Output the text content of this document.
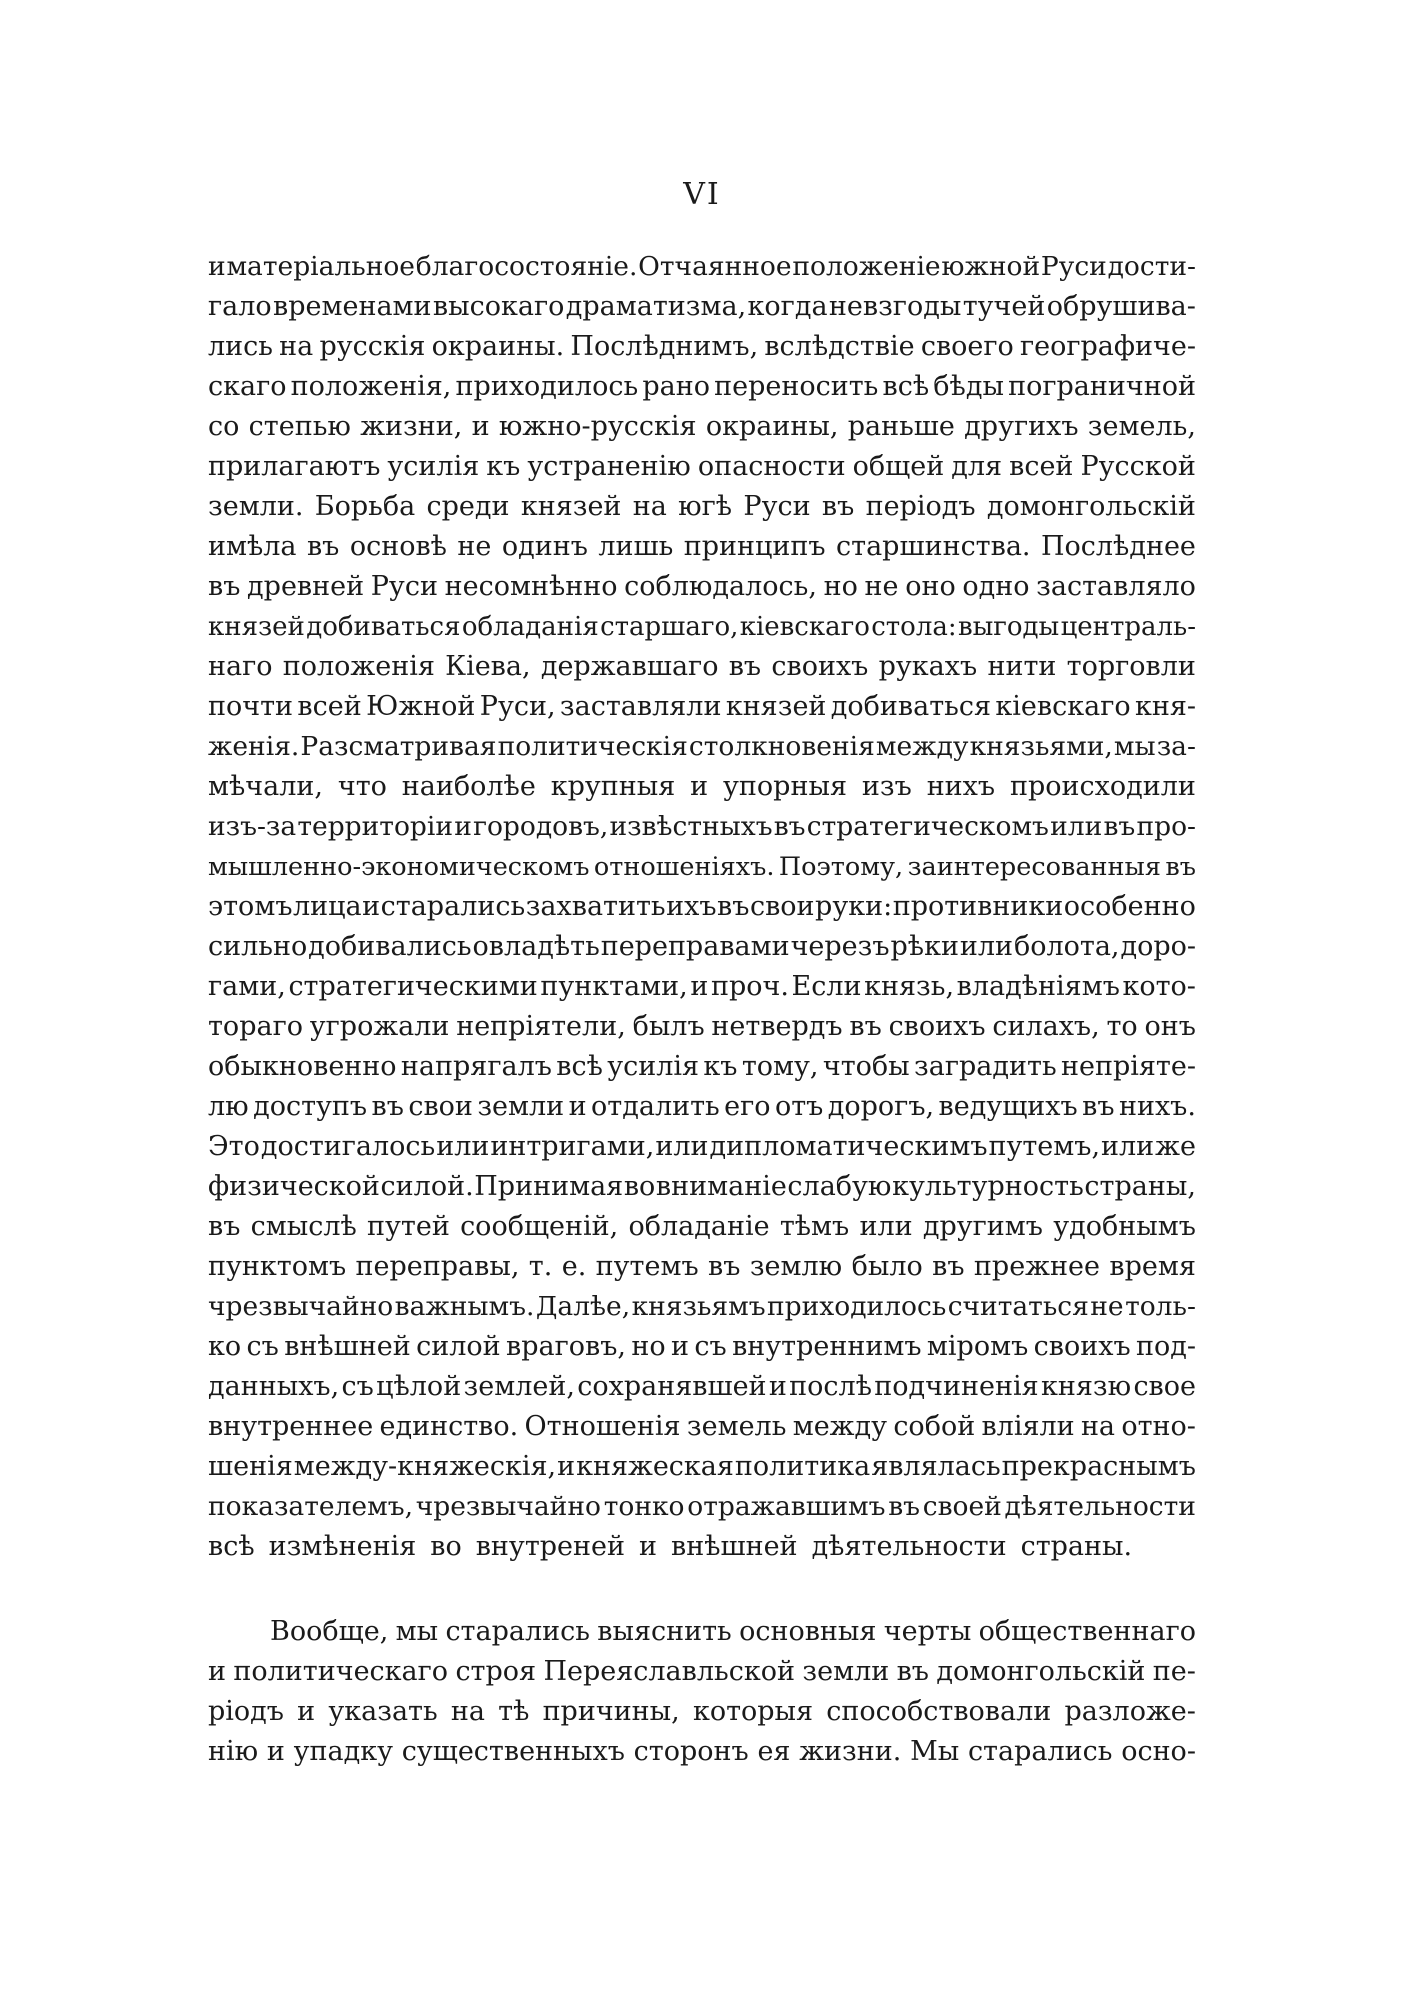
VI
и матеріальное благосостояніе. Отчаянное положеніе южной Руси дости-
гало временами высокаго драматизма, когда невзгоды тучей обрушива-
лись на русскія окраины. Послѣднимъ, вслѣдствіе своего географиче-
скаго положенія, приходилось рано переносить всѣ бѣды пограничной
со степью жизни, и южно-русскія окраины, раньше другихъ земель,
прилагаютъ усилія къ устраненію опасности общей для всей Русской
земли. Борьба среди князей на югѣ Руси въ періодъ домонгольскій
имѣла въ основѣ не одинъ лишь принципъ старшинства. Послѣднее
въ древней Руси несомнѣнно соблюдалось, но не оно одно заставляло
князей добиваться обладанія старшаго, кіевскаго стола: выгоды централь-
наго положенія Кіева, державшаго въ своихъ рукахъ нити торговли
почти всей Южной Руси, заставляли князей добиваться кіевскаго кня-
женія. Разсматривая политическія столкновенія между князьями, мы за-
мѣчали, что наиболѣе крупныя и упорныя изъ нихъ происходили
изъ-за территоріи и городовъ, извѣстныхъ въ стратегическомъ или въ про-
мышленно-экономическомъ отношеніяхъ. Поэтому, заинтересованныя въ
этомъ лица и старались захватить ихъ въ свои руки: противники особенно
сильно добивались овладѣть переправами черезъ рѣки или болота, доро-
гами, стратегическими пунктами, и проч. Если князь, владѣніямъ кото-
тораго угрожали непріятели, былъ нетвердъ въ своихъ силахъ, то онъ
обыкновенно напрягалъ всѣ усилія къ тому, чтобы заградить непріяте-
лю доступъ въ свои земли и отдалить его отъ дорогъ, ведущихъ въ нихъ.
Это достигалось или интригами, или дипломатическимъ путемъ, или же
физической силой. Принимая во вниманіе слабую культурность страны,
въ смыслѣ путей сообщеній, обладаніе тѣмъ или другимъ удобнымъ
пунктомъ переправы, т. е. путемъ въ землю было въ прежнее время
чрезвычайно важнымъ. Далѣе, князьямъ приходилось считаться не толь-
ко съ внѣшней силой враговъ, но и съ внутреннимъ міромъ своихъ под-
данныхъ, съ цѣлой землей, сохранявшей и послѣ подчиненія князю свое
внутреннее единство. Отношенія земель между собой вліяли на отно-
шенія между-княжескія, и княжеская политика являлась прекраснымъ
показателемъ, чрезвычайно тонко отражавшимъ въ своей дѣятельности
всѣ измѣненія во внутреней и внѣшней дѣятельности страны.
Вообще, мы старались выяснить основныя черты общественнаго
и политическаго строя Переяславльской земли въ домонгольскій пе-
ріодъ и указать на тѣ причины, которыя способствовали разложе-
нію и упадку существенныхъ сторонъ ея жизни. Мы старались осно-
